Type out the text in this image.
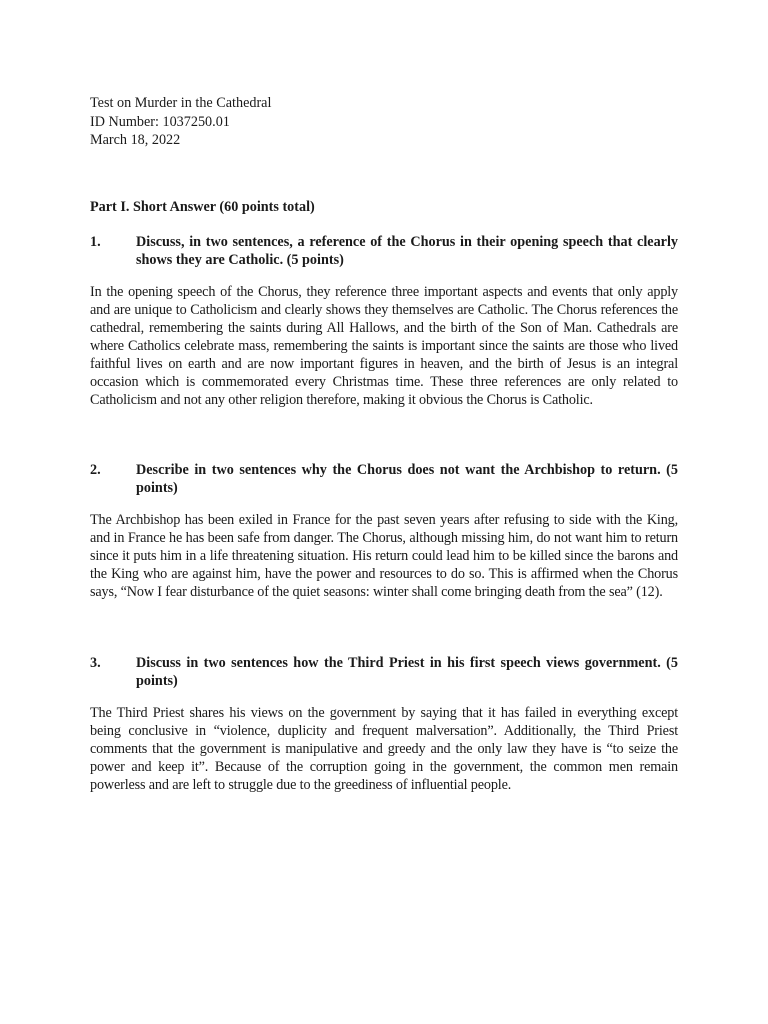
Test on Murder in the Cathedral

ID Number: 1037250.01

March 18, 2022

Part I. Short Answer (60 points total)

1.	Discuss, in two sentences, a reference of the Chorus in their opening speech that clearly shows they are Catholic. (5 points)

In the opening speech of the Chorus, they reference three important aspects and events that only apply and are unique to Catholicism and clearly shows they themselves are Catholic. The Chorus references the cathedral, remembering the saints during All Hallows, and the birth of the Son of Man. Cathedrals are where Catholics celebrate mass, remembering the saints is important since the saints are those who lived faithful lives on earth and are now important figures in heaven, and the birth of Jesus is an integral occasion which is commemorated every Christmas time. These three references are only related to Catholicism and not any other religion therefore, making it obvious the Chorus is Catholic.

2.	Describe in two sentences why the Chorus does not want the Archbishop to return. (5 points)

The Archbishop has been exiled in France for the past seven years after refusing to side with the King, and in France he has been safe from danger. The Chorus, although missing him, do not want him to return since it puts him in a life threatening situation. His return could lead him to be killed since the barons and the King who are against him, have the power and resources to do so. This is affirmed when the Chorus says, “Now I fear disturbance of the quiet seasons: winter shall come bringing death from the sea” (12).

3.	Discuss in two sentences how the Third Priest in his first speech views government. (5 points)

The Third Priest shares his views on the government by saying that it has failed in everything except being conclusive in “violence, duplicity and frequent malversation”. Additionally, the Third Priest comments that the government is manipulative and greedy and the only law they have is “to seize the power and keep it”. Because of the corruption going in the government, the common men remain powerless and are left to struggle due to the greediness of influential people.
